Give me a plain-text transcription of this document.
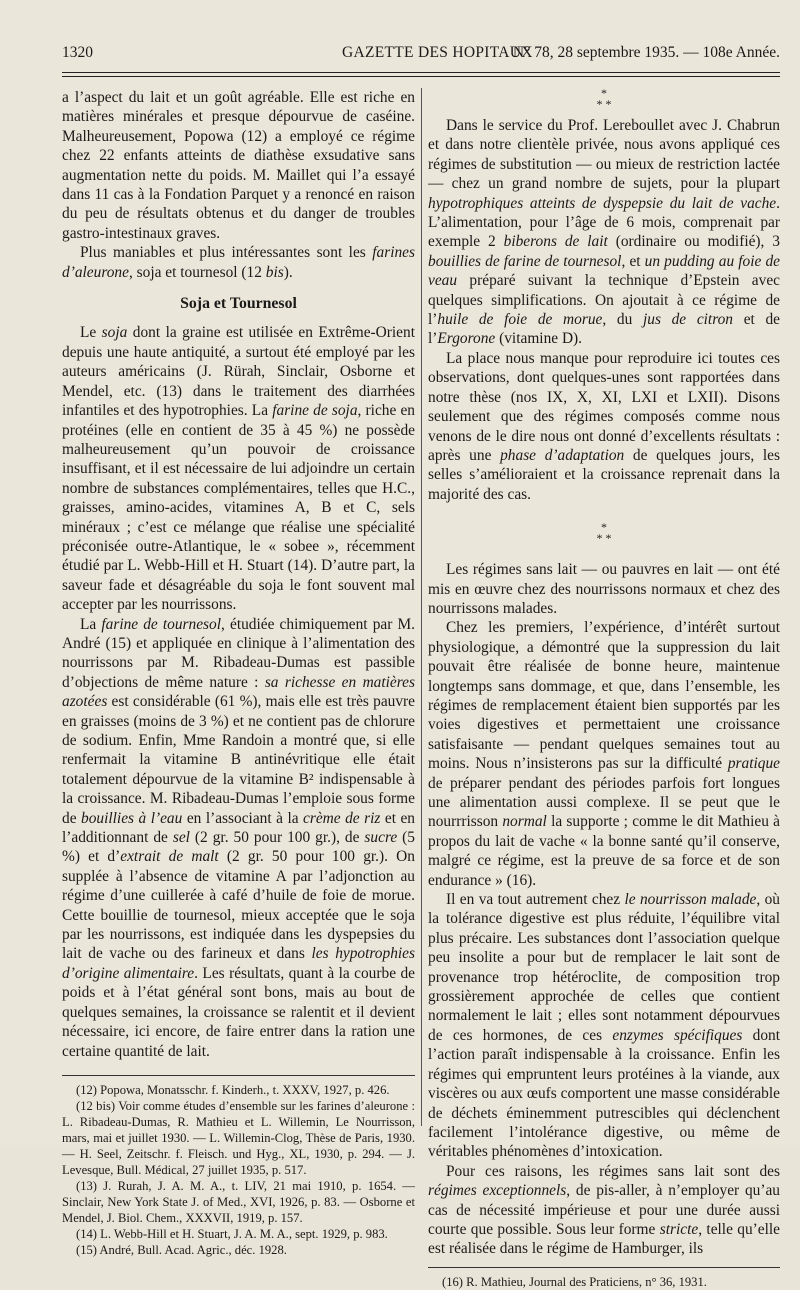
1320	GAZETTE DES HOPITAUX
N° 78, 28 septembre 1935. — 108e Année.

a l’aspect du lait et un goût agréable. Elle est riche en matières minérales et presque dépourvue de caséine. Malheureusement, Popowa (12) a employé ce régime chez 22 enfants atteints de diathèse exsudative sans augmentation nette du poids. M. Maillet qui l’a essayé dans 11 cas à la Fondation Parquet y a renoncé en raison du peu de résultats obtenus et du danger de troubles gastro-intestinaux graves.

Plus maniables et plus intéressantes sont les farines d’aleurone, soja et tournesol (12 bis).

Soja et Tournesol

Le soja dont la graine est utilisée en Extrême-Orient depuis une haute antiquité, a surtout été employé par les auteurs américains (J. Rürah, Sinclair, Osborne et Mendel, etc. (13) dans le traitement des diarrhées infantiles et des hypotrophies. La farine de soja, riche en protéines (elle en contient de 35 à 45 %) ne possède malheureusement qu’un pouvoir de croissance insuffisant, et il est nécessaire de lui adjoindre un certain nombre de substances complémentaires, telles que H.C., graisses, amino-acides, vitamines A, B et C, sels minéraux ; c’est ce mélange que réalise une spécialité préconisée outre-Atlantique, le « sobee », récemment étudié par L. Webb-Hill et H. Stuart (14). D’autre part, la saveur fade et désagréable du soja le font souvent mal accepter par les nourrissons.

La farine de tournesol, étudiée chimiquement par M. André (15) et appliquée en clinique à l’alimentation des nourrissons par M. Ribadeau-Dumas est passible d’objections de même nature : sa richesse en matières azotées est considérable (61 %), mais elle est très pauvre en graisses (moins de 3 %) et ne contient pas de chlorure de sodium. Enfin, Mme Randoin a montré que, si elle renfermait la vitamine B antinévritique elle était totalement dépourvue de la vitamine B² indispensable à la croissance. M. Ribadeau-Dumas l’emploie sous forme de bouillies à l’eau en l’associant à la crème de riz et en l’additionnant de sel (2 gr. 50 pour 100 gr.), de sucre (5 %) et d’extrait de malt (2 gr. 50 pour 100 gr.). On supplée à l’absence de vitamine A par l’adjonction au régime d’une cuillerée à café d’huile de foie de morue. Cette bouillie de tournesol, mieux acceptée que le soja par les nourrissons, est indiquée dans les dyspepsies du lait de vache ou des farineux et dans les hypotrophies d’origine alimentaire. Les résultats, quant à la courbe de poids et à l’état général sont bons, mais au bout de quelques semaines, la croissance se ralentit et il devient nécessaire, ici encore, de faire entrer dans la ration une certaine quantité de lait.

(12) Popowa, Monatsschr. f. Kinderh., t. XXXV, 1927, p. 426.

(12 bis) Voir comme études d’ensemble sur les farines d’aleurone : L. Ribadeau-Dumas, R. Mathieu et L. Willemin, Le Nourrisson, mars, mai et juillet 1930. — L. Willemin-Clog, Thèse de Paris, 1930. — H. Seel, Zeitschr. f. Fleisch. und Hyg., XL, 1930, p. 294. — J. Levesque, Bull. Médical, 27 juillet 1935, p. 517.

(13) J. Rurah, J. A. M. A., t. LIV, 21 mai 1910, p. 1654. — Sinclair, New York State J. of Med., XVI, 1926, p. 83. — Osborne et Mendel, J. Biol. Chem., XXXVII, 1919, p. 157.

(14) L. Webb-Hill et H. Stuart, J. A. M. A., sept. 1929, p. 983.

(15) André, Bull. Acad. Agric., déc. 1928.

*
* *

Dans le service du Prof. Lereboullet avec J. Chabrun et dans notre clientèle privée, nous avons appliqué ces régimes de substitution — ou mieux de restriction lactée — chez un grand nombre de sujets, pour la plupart hypotrophiques atteints de dyspepsie du lait de vache. L’alimentation, pour l’âge de 6 mois, comprenait par exemple 2 biberons de lait (ordinaire ou modifié), 3 bouillies de farine de tournesol, et un pudding au foie de veau préparé suivant la technique d’Epstein avec quelques simplifications. On ajoutait à ce régime de l’huile de foie de morue, du jus de citron et de l’Ergorone (vitamine D).

La place nous manque pour reproduire ici toutes ces observations, dont quelques-unes sont rapportées dans notre thèse (nos IX, X, XI, LXI et LXII). Disons seulement que des régimes composés comme nous venons de le dire nous ont donné d’excellents résultats : après une phase d’adaptation de quelques jours, les selles s’amélioraient et la croissance reprenait dans la majorité des cas.

*
* *

Les régimes sans lait — ou pauvres en lait — ont été mis en œuvre chez des nourrissons normaux et chez des nourrissons malades.

Chez les premiers, l’expérience, d’intérêt surtout physiologique, a démontré que la suppression du lait pouvait être réalisée de bonne heure, maintenue longtemps sans dommage, et que, dans l’ensemble, les régimes de remplacement étaient bien supportés par les voies digestives et permettaient une croissance satisfaisante — pendant quelques semaines tout au moins. Nous n’insisterons pas sur la difficulté pratique de préparer pendant des périodes parfois fort longues une alimentation aussi complexe. Il se peut que le nourrrisson normal la supporte ; comme le dit Mathieu à propos du lait de vache « la bonne santé qu’il conserve, malgré ce régime, est la preuve de sa force et de son endurance » (16).

Il en va tout autrement chez le nourrisson malade, où la tolérance digestive est plus réduite, l’équilibre vital plus précaire. Les substances dont l’association quelque peu insolite a pour but de remplacer le lait sont de provenance trop hétéroclite, de composition trop grossièrement approchée de celles que contient normalement le lait ; elles sont notamment dépourvues de ces hormones, de ces enzymes spécifiques dont l’action paraît indispensable à la croissance. Enfin les régimes qui empruntent leurs protéines à la viande, aux viscères ou aux œufs comportent une masse considérable de déchets éminemment putrescibles qui déclenchent facilement l’intolérance digestive, ou même de véritables phénomènes d’intoxication.

Pour ces raisons, les régimes sans lait sont des régimes exceptionnels, de pis-aller, à n’employer qu’au cas de nécessité impérieuse et pour une durée aussi courte que possible. Sous leur forme stricte, telle qu’elle est réalisée dans le régime de Hamburger, ils

(16) R. Mathieu, Journal des Praticiens, n° 36, 1931.
